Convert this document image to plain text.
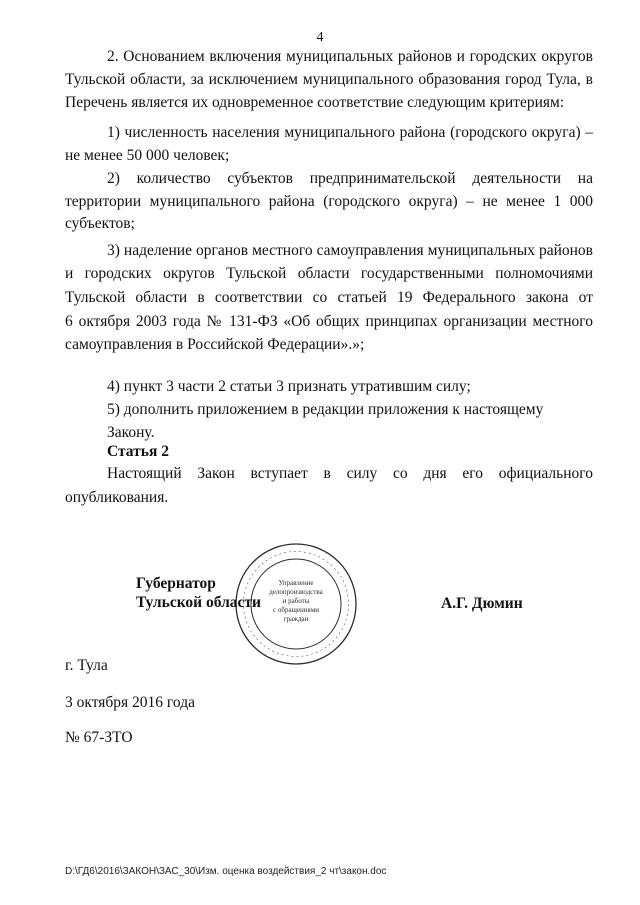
4
2. Основанием включения муниципальных районов и городских округов
Тульской области, за исключением муниципального образования город Тула, в
Перечень является их одновременное соответствие следующим критериям:
1) численность населения муниципального района (городского округа) –
не менее 50 000 человек;
2) количество субъектов предпринимательской деятельности на
территории муниципального района (городского округа) – не менее 1 000
субъектов;
3) наделение органов местного самоуправления муниципальных районов
и городских округов Тульской области государственными полномочиями
Тульской области в соответствии со статьей 19 Федерального закона от
6 октября 2003 года № 131-ФЗ «Об общих принципах организации местного
самоуправления в Российской Федерации».»;
4) пункт 3 части 2 статьи 3 признать утратившим силу;
5) дополнить приложением в редакции приложения к настоящему Закону.
Статья 2
Настоящий Закон вступает в силу со дня его официального
опубликования.
Управление
делопроизводства
и работы
с обращениями
граждан
Губернатор
Тульской области	А.Г. Дюмин
г. Тула
3 октября 2016 года
№ 67-ЗТО
D:\ГД6\2016\ЗАКОН\ЗАС_30\Изм. оценка воздействия_2 чт\закон.doc
